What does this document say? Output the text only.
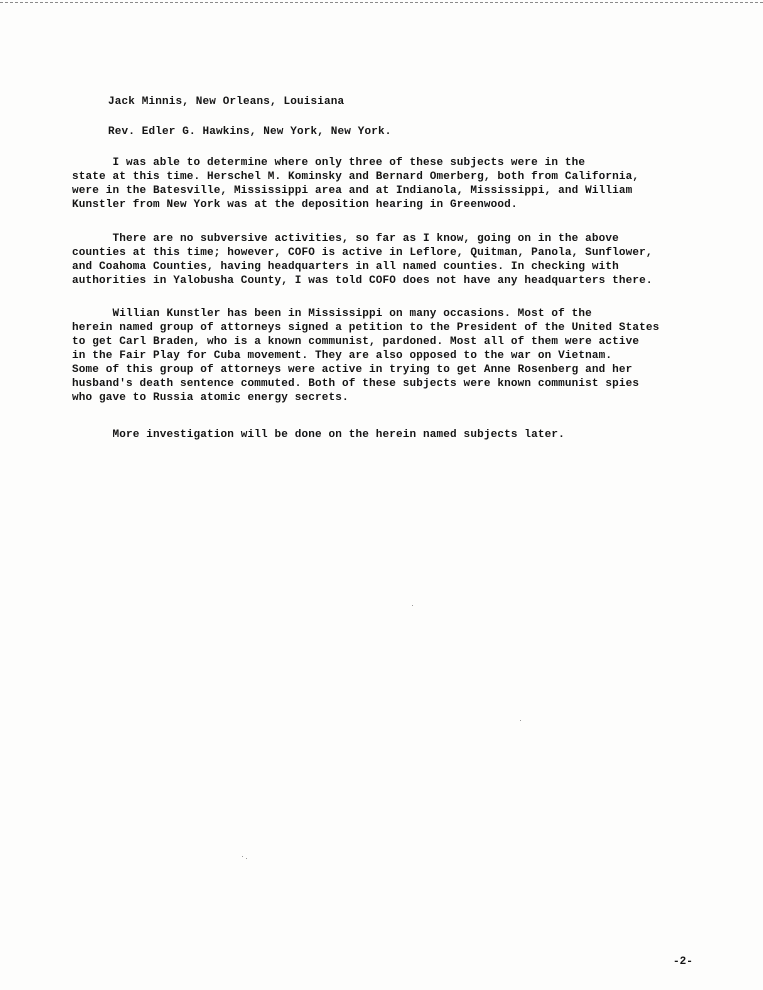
Jack Minnis, New Orleans, Louisiana
Rev. Edler G. Hawkins, New York, New York.
I was able to determine where only three of these subjects were in the
state at this time. Herschel M. Kominsky and Bernard Omerberg, both from California,
were in the Batesville, Mississippi area and at Indianola, Mississippi, and William
Kunstler from New York was at the deposition hearing in Greenwood.
There are no subversive activities, so far as I know, going on in the above
counties at this time; however, COFO is active in Leflore, Quitman, Panola, Sunflower,
and Coahoma Counties, having headquarters in all named counties. In checking with
authorities in Yalobusha County, I was told COFO does not have any headquarters there.
Willian Kunstler has been in Mississippi on many occasions. Most of the
herein named group of attorneys signed a petition to the President of the United States
to get Carl Braden, who is a known communist, pardoned. Most all of them were active
in the Fair Play for Cuba movement. They are also opposed to the war on Vietnam.
Some of this group of attorneys were active in trying to get Anne Rosenberg and her
husband's death sentence commuted. Both of these subjects were known communist spies
who gave to Russia atomic energy secrets.
More investigation will be done on the herein named subjects later.
-2-
